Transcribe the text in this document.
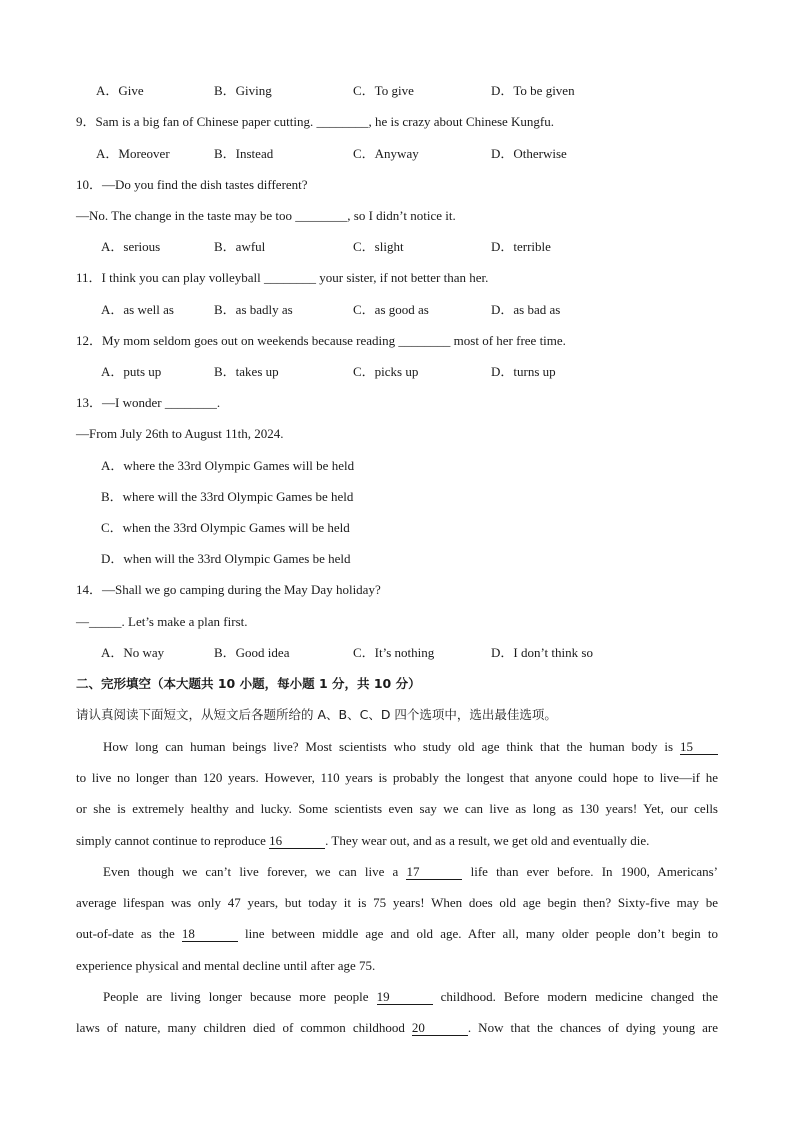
A．Give	B．Giving	C．To give	D．To be given
9．Sam is a big fan of Chinese paper cutting. ________, he is crazy about Chinese Kungfu.
A．Moreover	B．Instead	C．Anyway	D．Otherwise
10．—Do you find the dish tastes different?
—No. The change in the taste may be too ________, so I didn’t notice it.
A．serious	B．awful	C．slight	D．terrible
11．I think you can play volleyball ________ your sister, if not better than her.
A．as well as	B．as badly as	C．as good as	D．as bad as
12．My mom seldom goes out on weekends because reading ________ most of her free time.
A．puts up	B．takes up	C．picks up	D．turns up
13．—I wonder ________.
—From July 26th to August 11th, 2024.
A．where the 33rd Olympic Games will be held
B．where will the 33rd Olympic Games be held
C．when the 33rd Olympic Games will be held
D．when will the 33rd Olympic Games be held
14．—Shall we go camping during the May Day holiday?
—_____. Let’s make a plan first.
A．No way	B．Good idea	C．It’s nothing	D．I don’t think so
二、完形填空（本大题共 10 小题，每小题 1 分，共 10 分）
请认真阅读下面短文，从短文后各题所给的 A、B、C、D 四个选项中，选出最佳选项。
How long can human beings live? Most scientists who study old age think that the human body is 15
to live no longer than 120 years. However, 110 years is probably the longest that anyone could hope to live—if he
or she is extremely healthy and lucky. Some scientists even say we can live as long as 130 years! Yet, our cells
simply cannot continue to reproduce 16	. They wear out, and as a result, we get old and eventually die.
Even though we can’t live forever, we can live a 17	life than ever before. In 1900, Americans’
average lifespan was only 47 years, but today it is 75 years! When does old age begin then? Sixty-five may be
out-of-date as the 18	line between middle age and old age. After all, many older people don’t begin to
experience physical and mental decline until after age 75.
People are living longer because more people 19	childhood. Before modern medicine changed the
laws of nature, many children died of common childhood 20	. Now that the chances of dying young are
